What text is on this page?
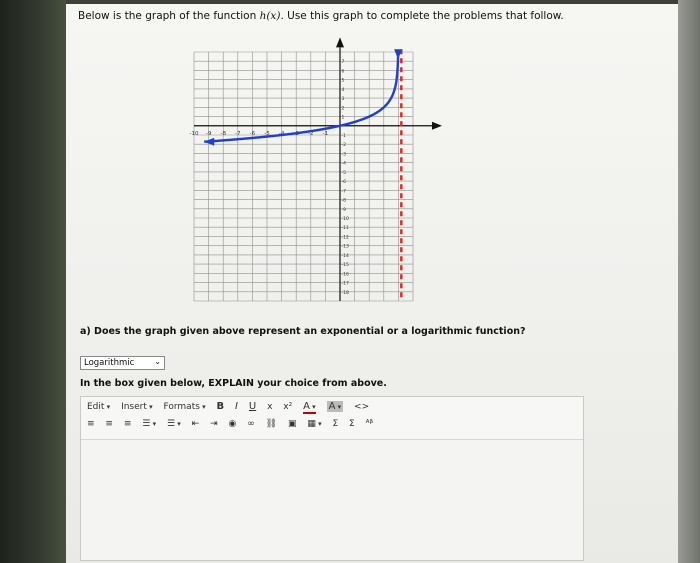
Below is the graph of the function h(x). Use this graph to complete the problems that follow.
-10 -9 -8 -7 -6 -5 -4 -3 -2 -1
7
6
5
4
3
2
1
-1
-2
-3
-4
-5
-6
-7
-8
-9
-10
-11
-12
-13
-14
-15
-16
-17
-18
a) Does the graph given above represent an exponential or a logarithmic function?
Logarithmic	⌄
In the box given below, EXPLAIN your choice from above.
Edit ▾ Insert ▾ Formats ▾ B I U x x² A ▾ A ▾ <>
≡ ≡ ≡ ☰ ▾ ☰ ▾ ⇤ ⇥ ◉ ∞ ⛓ ▣ ▦ ▾ Σ Σ ᴬᵝ
